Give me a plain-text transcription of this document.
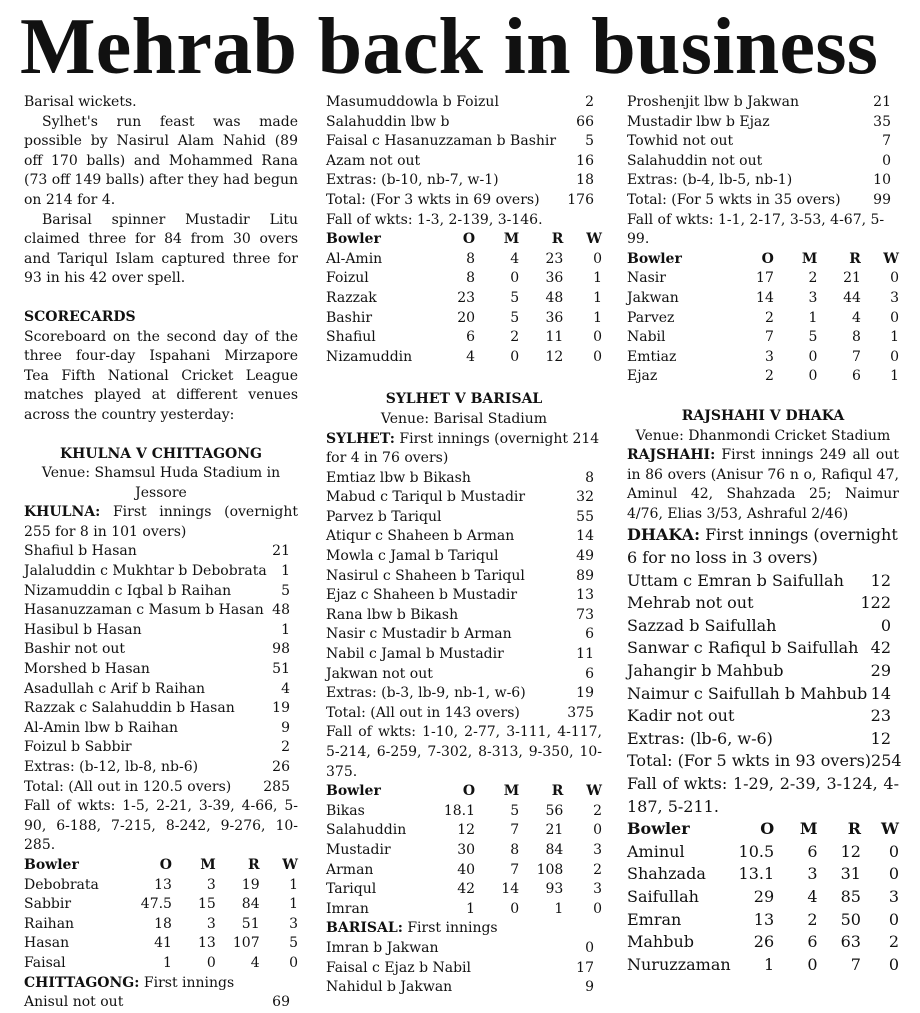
Mehrab back in business

Barisal wickets.

Sylhet's run feast was made possible by Nasirul Alam Nahid (89 off 170 balls) and Mohammed Rana (73 off 149 balls) after they had begun on 214 for 4.

Barisal spinner Mustadir Litu claimed three for 84 from 30 overs and Tariqul Islam captured three for 93 in his 42 over spell.

SCORECARDS

Scoreboard on the second day of the three four-day Ispahani Mirzapore Tea Fifth National Cricket League matches played at different venues across the country yesterday:

KHULNA V CHITTAGONG

Venue: Shamsul Huda Stadium in Jessore

KHULNA: First innings (overnight 255 for 8 in 101 overs)

Shafiul b Hasan	21
Jalaluddin c Mukhtar b Debobrata	1
Nizamuddin c Iqbal b Raihan	5
Hasanuzzaman c Masum b Hasan 48
Hasibul b Hasan	1
Bashir not out	98
Morshed b Hasan	51
Asadullah c Arif b Raihan	4
Razzak c Salahuddin b Hasan	19
Al-Amin lbw b Raihan	9
Foizul b Sabbir	2
Extras: (b-12, lb-8, nb-6)	26
Total: (All out in 120.5 overs) 285

Fall of wkts: 1-5, 2-21, 3-39, 4-66, 5-90, 6-188, 7-215, 8-242, 9-276, 10-285.

Bowler	O	M	R	W
Debobrata	13	3	19	1
Sabbir	47.5	15	84	1
Raihan	18	3	51	3
Hasan	41	13	107	5
Faisal	1	0	4	0

CHITTAGONG: First innings

Anisul not out	69
Masumuddowla b Foizul	2
Salahuddin lbw b	66
Faisal c Hasanuzzaman b Bashir	5
Azam not out	16
Extras: (b-10, nb-7, w-1)	18
Total: (For 3 wkts in 69 overs) 176

Fall of wkts: 1-3, 2-139, 3-146.

Bowler	O	M	R	W
Al-Amin	8	4	23	0
Foizul	8	0	36	1
Razzak	23	5	48	1
Bashir	20	5	36	1
Shafiul	6	2	11	0
Nizamuddin	4	0	12	0

SYLHET V BARISAL

Venue: Barisal Stadium

SYLHET: First innings (overnight 214 for 4 in 76 overs)

Emtiaz lbw b Bikash	8
Mabud c Tariqul b Mustadir	32
Parvez b Tariqul	55
Atiqur c Shaheen b Arman	14
Mowla c Jamal b Tariqul	49
Nasirul c Shaheen b Tariqul	89
Ejaz c Shaheen b Mustadir	13
Rana lbw b Bikash	73
Nasir c Mustadir b Arman	6
Nabil c Jamal b Mustadir	11
Jakwan not out	6
Extras: (b-3, lb-9, nb-1, w-6)	19
Total: (All out in 143 overs)	375

Fall of wkts: 1-10, 2-77, 3-111, 4-117, 5-214, 6-259, 7-302, 8-313, 9-350, 10-375.

Bowler	O	M	R	W
Bikas	18.1	5	56	2
Salahuddin	12	7	21	0
Mustadir	30	8	84	3
Arman	40	7	108	2
Tariqul	42	14	93	3
Imran	1	0	1	0

BARISAL: First innings

Imran b Jakwan	0
Faisal c Ejaz b Nabil	17
Nahidul b Jakwan	9
Proshenjit lbw b Jakwan	21
Mustadir lbw b Ejaz	35
Towhid not out	7
Salahuddin not out	0
Extras: (b-4, lb-5, nb-1)	10
Total: (For 5 wkts in 35 overs) 99

Fall of wkts: 1-1, 2-17, 3-53, 4-67, 5-99.

Bowler	O	M	R	W
Nasir	17	2	21	0
Jakwan	14	3	44	3
Parvez	2	1	4	0
Nabil	7	5	8	1
Emtiaz	3	0	7	0
Ejaz	2	0	6	1

RAJSHAHI V DHAKA

Venue: Dhanmondi Cricket Stadium

RAJSHAHI: First innings 249 all out in 86 overs (Anisur 76 n o, Rafiqul 47, Aminul 42, Shahzada 25; Naimur 4/76, Elias 3/53, Ashraful 2/46)

DHAKA: First innings (overnight 6 for no loss in 3 overs)

Uttam c Emran b Saifullah 12
Mehrab not out	122
Sazzad b Saifullah	0
Sanwar c Rafiqul b Saifullah 42
Jahangir b Mahbub	29
Naimur c Saifullah b Mahbub 14
Kadir not out	23
Extras: (lb-6, w-6)	12
Total: (For 5 wkts in 93 overs) 254

Fall of wkts: 1-29, 2-39, 3-124, 4-187, 5-211.

Bowler	O	M	R	W
Aminul	10.5	6	12	0
Shahzada	13.1	3	31	0
Saifullah	29	4	85	3
Emran	13	2	50	0
Mahbub	26	6	63	2
Nuruzzaman	1	0	7	0
